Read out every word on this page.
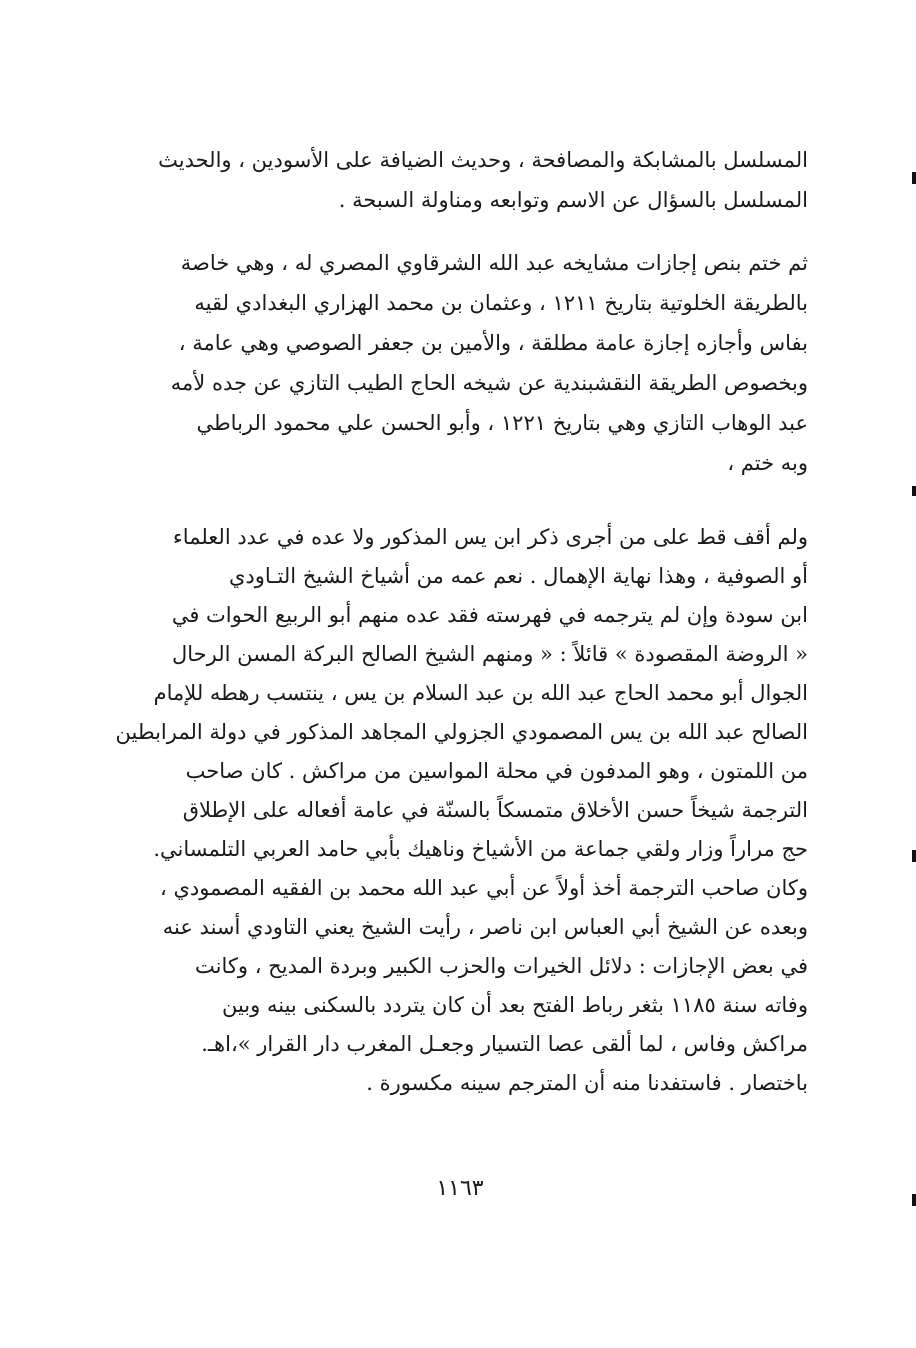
المسلسل بالمشابكة والمصافحة ، وحديث الضيافة على الأسودين ، والحديث
المسلسل بالسؤال عن الاسم وتوابعه ومناولة السبحة .
ثم ختم بنص إجازات مشايخه عبد الله الشرقاوي المصري له ، وهي خاصة
بالطريقة الخلوتية بتاريخ ١٢١١ ، وعثمان بن محمد الهزاري البغدادي لقيه
بفاس وأجازه إجازة عامة مطلقة ، والأمين بن جعفر الصوصي وهي عامة ،
وبخصوص الطريقة النقشبندية عن شيخه الحاج الطيب التازي عن جده لأمه
عبد الوهاب التازي وهي بتاريخ ١٢٢١ ، وأبو الحسن علي محمود الرباطي
وبه ختم ،
ولم أقف قط على من أجرى ذكر ابن يس المذكور ولا عده في عدد العلماء
أو الصوفية ، وهذا نهاية الإهمال . نعم عمه من أشياخ الشيخ التـاودي
ابن سودة وإن لم يترجمه في فهرسته فقد عده منهم أبو الربيع الحوات في
« الروضة المقصودة » قائلاً : « ومنهم الشيخ الصالح البركة المسن الرحال
الجوال أبو محمد الحاج عبد الله بن عبد السلام بن يس ، ينتسب رهطه للإمام
الصالح عبد الله بن يس المصمودي الجزولي المجاهد المذكور في دولة المرابطين
من اللمتون ، وهو المدفون في محلة المواسين من مراكش . كان صاحب
الترجمة شيخاً حسن الأخلاق متمسكاً بالسنّة في عامة أفعاله على الإطلاق
حج مراراً وزار ولقي جماعة من الأشياخ وناهيك بأبي حامد العربي التلمساني.
وكان صاحب الترجمة أخذ أولاً عن أبي عبد الله محمد بن الفقيه المصمودي ،
وبعده عن الشيخ أبي العباس ابن ناصر ، رأيت الشيخ يعني التاودي أسند عنه
في بعض الإجازات : دلائل الخيرات والحزب الكبير وبردة المديح ، وكانت
وفاته سنة ١١٨٥ بثغر رباط الفتح بعد أن كان يتردد بالسكنى بينه وبين
مراكش وفاس ، لما ألقى عصا التسيار وجعـل المغرب دار القرار »،اهـ.
باختصار . فاستفدنا منه أن المترجم سينه مكسورة .
١١٦٣
